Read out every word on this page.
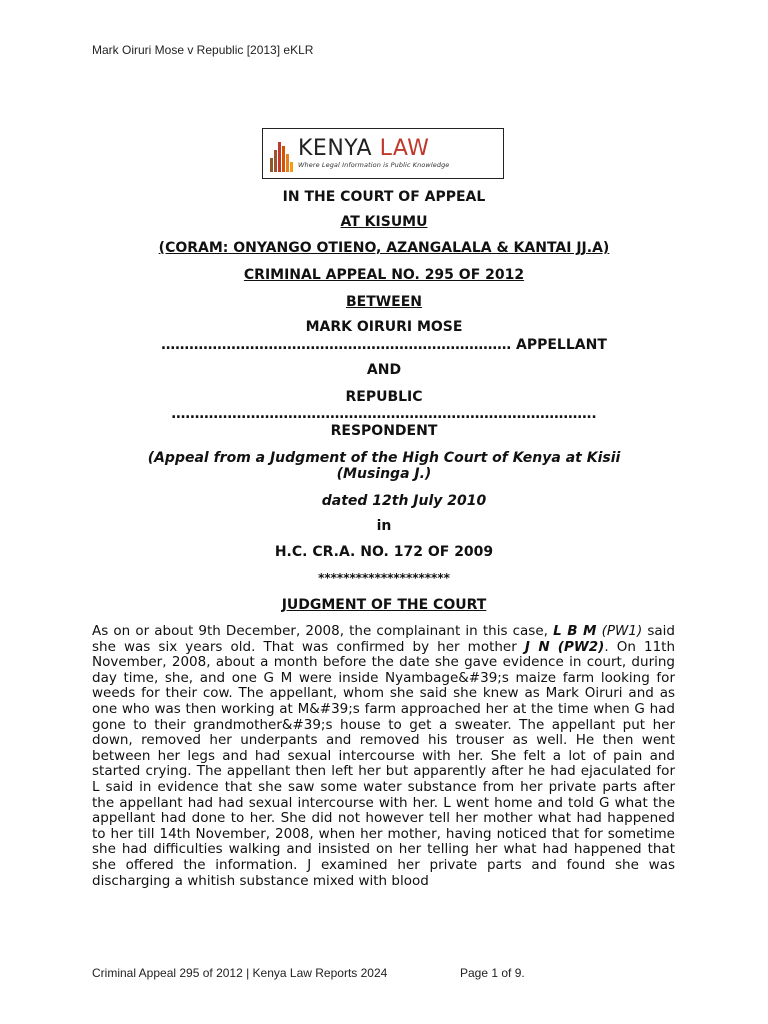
Mark Oiruri Mose v Republic [2013] eKLR
KENYA LAW
Where Legal Information is Public Knowledge
IN THE COURT OF APPEAL
AT KISUMU
(CORAM: ONYANGO OTIENO, AZANGALALA & KANTAI JJ.A)
CRIMINAL APPEAL NO. 295 OF 2012
BETWEEN
MARK OIRURI MOSE
………………………………………………………………… APPELLANT
AND
REPUBLIC
……………………………………………………………………………….
RESPONDENT
(Appeal from a Judgment of the High Court of Kenya at Kisii
(Musinga J.)
dated 12th July 2010
in
H.C. CR.A. NO. 172 OF 2009
*********************
JUDGMENT OF THE COURT
As on or about 9th December, 2008, the complainant in this case, L B M (PW1) said she was six years old. That was confirmed by her mother J N (PW2). On 11th November, 2008, about a month before the date she gave evidence in court, during day time, she, and one G M were inside Nyambage&#39;s maize farm looking for weeds for their cow. The appellant, whom she said she knew as Mark Oiruri and as one who was then working at M&#39;s farm approached her at the time when G had gone to their grandmother&#39;s house to get a sweater. The appellant put her down, removed her underpants and removed his trouser as well. He then went between her legs and had sexual intercourse with her. She felt a lot of pain and started crying. The appellant then left her but apparently after he had ejaculated for L said in evidence that she saw some water substance from her private parts after the appellant had had sexual intercourse with her. L went home and told G what the appellant had done to her. She did not however tell her mother what had happened to her till 14th November, 2008, when her mother, having noticed that for sometime she had difficulties walking and insisted on her telling her what had happened that she offered the information. J examined her private parts and found she was discharging a whitish substance mixed with blood
Criminal Appeal 295 of 2012 | Kenya Law Reports 2024	Page 1 of 9.
